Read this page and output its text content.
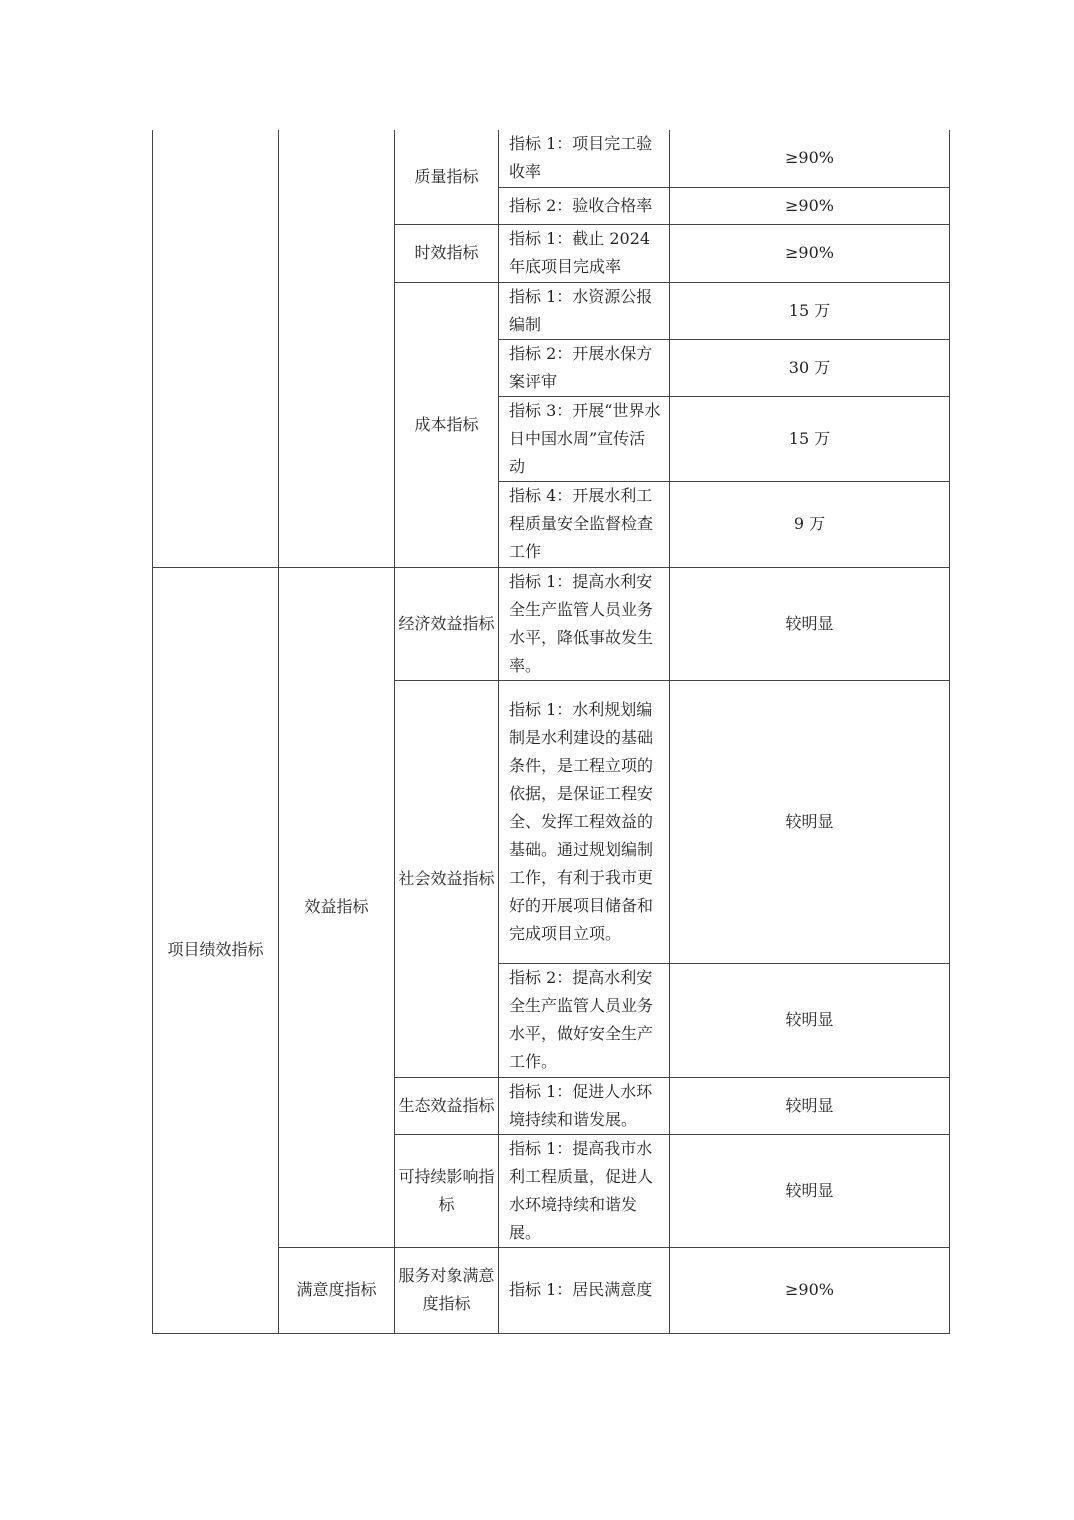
		质量指标	指标 1：项目完工验收率	≥90%
			指标 2：验收合格率	≥90%
		时效指标	指标 1：截止 2024 年底项目完成率	≥90%
		成本指标	指标 1：水资源公报编制	15 万
			指标 2：开展水保方案评审	30 万
			指标 3：开展“世界水日中国水周”宣传活动	15 万
			指标 4：开展水利工程质量安全监督检查工作	9 万
项目绩效指标	效益指标	经济效益指标	指标 1：提高水利安全生产监管人员业务水平，降低事故发生率。	较明显
		社会效益指标	指标 1：水利规划编制是水利建设的基础条件，是工程立项的依据，是保证工程安全、发挥工程效益的基础。通过规划编制工作，有利于我市更好的开展项目储备和完成项目立项。	较明显
			指标 2：提高水利安全生产监管人员业务水平，做好安全生产工作。	较明显
		生态效益指标	指标 1：促进人水环境持续和谐发展。	较明显
		可持续影响指标	指标 1：提高我市水利工程质量，促进人水环境持续和谐发展。	较明显
	满意度指标	服务对象满意度指标	指标 1：居民满意度	≥90%
